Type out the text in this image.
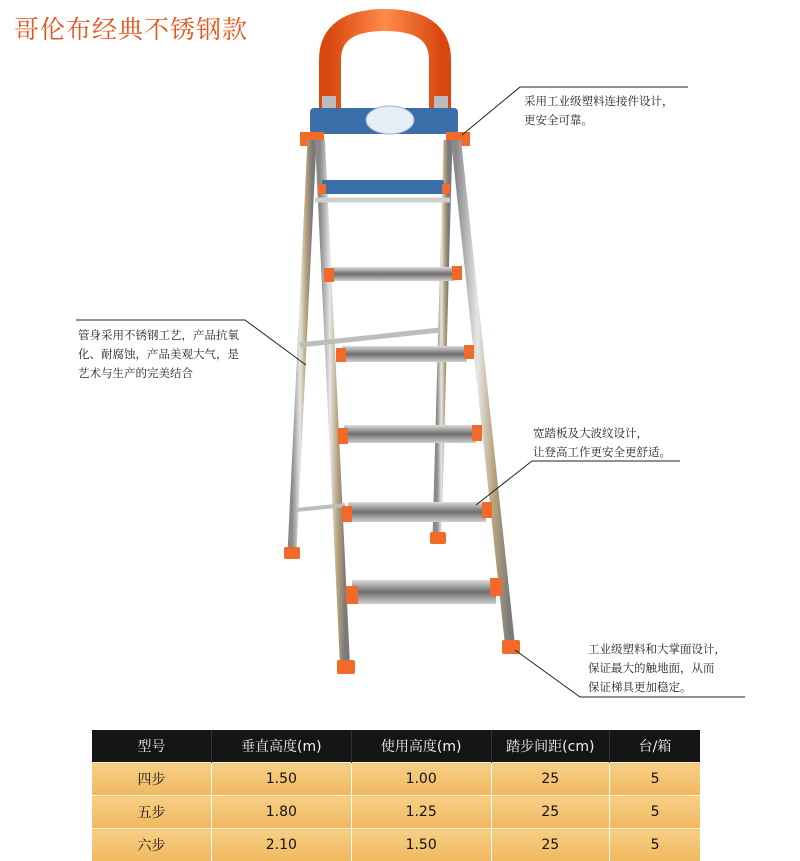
哥伦布经典不锈钢款
采用工业级塑料连接件设计，
更安全可靠。
管身采用不锈钢工艺，产品抗氧
化、耐腐蚀，产品美观大气，是
艺术与生产的完美结合
宽踏板及大波纹设计，
让登高工作更安全更舒适。
工业级塑料和大掌面设计，
保证最大的触地面，从而
保证梯具更加稳定。
型号	垂直高度(m)	使用高度(m)	踏步间距(cm)	台/箱
四步	1.50	1.00	25	5
五步	1.80	1.25	25	5
六步	2.10	1.50	25	5
